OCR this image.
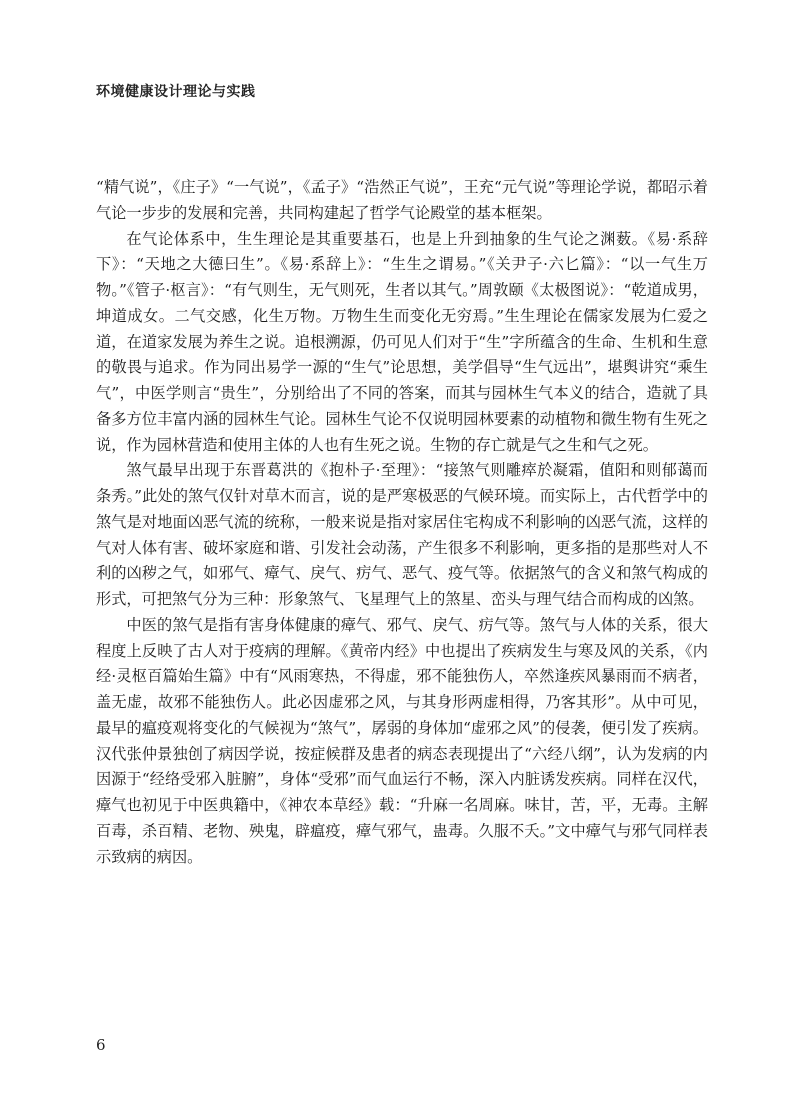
环境健康设计理论与实践

“精气说”，《庄子》“一气说”，《孟子》“浩然正气说”，王充“元气说”等理论学说，都昭示着气论一步步的发展和完善，共同构建起了哲学气论殿堂的基本框架。

在气论体系中，生生理论是其重要基石，也是上升到抽象的生气论之渊薮。《易·系辞下》：“天地之大德曰生”。《易·系辞上》：“生生之谓易。”《关尹子·六匕篇》：“以一气生万物。”《管子·枢言》：“有气则生，无气则死，生者以其气。”周敦颐《太极图说》：“乾道成男，坤道成女。二气交感，化生万物。万物生生而变化无穷焉。”生生理论在儒家发展为仁爱之道，在道家发展为养生之说。追根溯源，仍可见人们对于“生”字所蕴含的生命、生机和生意的敬畏与追求。作为同出易学一源的“生气”论思想，美学倡导“生气远出”，堪舆讲究“乘生气”，中医学则言“贵生”，分别给出了不同的答案，而其与园林生气本义的结合，造就了具备多方位丰富内涵的园林生气论。园林生气论不仅说明园林要素的动植物和微生物有生死之说，作为园林营造和使用主体的人也有生死之说。生物的存亡就是气之生和气之死。

煞气最早出现于东晋葛洪的《抱朴子·至理》：“接煞气则雕瘁於凝霜，值阳和则郁蔼而条秀。”此处的煞气仅针对草木而言，说的是严寒极恶的气候环境。而实际上，古代哲学中的煞气是对地面凶恶气流的统称，一般来说是指对家居住宅构成不利影响的凶恶气流，这样的气对人体有害、破坏家庭和谐、引发社会动荡，产生很多不利影响，更多指的是那些对人不利的凶秽之气，如邪气、瘴气、戾气、疠气、恶气、疫气等。依据煞气的含义和煞气构成的形式，可把煞气分为三种：形象煞气、飞星理气上的煞星、峦头与理气结合而构成的凶煞。

中医的煞气是指有害身体健康的瘴气、邪气、戾气、疠气等。煞气与人体的关系，很大程度上反映了古人对于疫病的理解。《黄帝内经》中也提出了疾病发生与寒及风的关系，《内经·灵枢百篇始生篇》中有“风雨寒热，不得虚，邪不能独伤人，卒然逢疾风暴雨而不病者，盖无虚，故邪不能独伤人。此必因虚邪之风，与其身形两虚相得，乃客其形”。从中可见，最早的瘟疫观将变化的气候视为“煞气”，孱弱的身体加“虚邪之风”的侵袭，便引发了疾病。汉代张仲景独创了病因学说，按症候群及患者的病态表现提出了“六经八纲”，认为发病的内因源于“经络受邪入脏腑”，身体“受邪”而气血运行不畅，深入内脏诱发疾病。同样在汉代，瘴气也初见于中医典籍中，《神农本草经》载：“升麻一名周麻。味甘，苦，平，无毒。主解百毒，杀百精、老物、殃鬼，辟瘟疫，瘴气邪气，蛊毒。久服不夭。”文中瘴气与邪气同样表示致病的病因。

6
